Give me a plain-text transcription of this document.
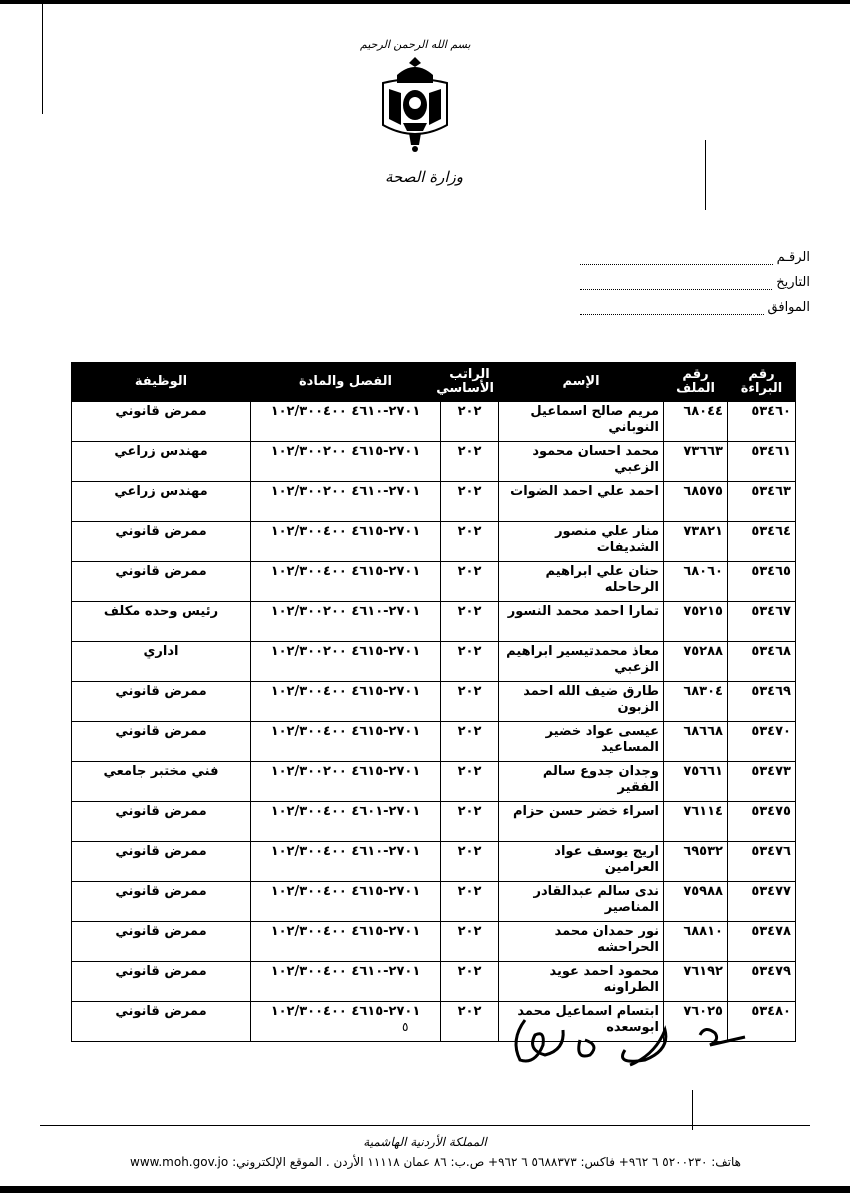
بسم الله الرحمن الرحيم
وزارة الصحة
الرقـم
التاريخ
الموافق
رقم البراءة	رقم الملف	الإسم	الراتب الأساسي	الفصل والمادة	الوظيفة
٥٣٤٦٠	٦٨٠٤٤	مريم صالح اسماعيل النوباني	٢٠٢	٢٧٠١-٤٦١٠ ١٠٢/٣٠٠٤٠٠	ممرض قانوني
٥٣٤٦١	٧٣٦٦٣	محمد احسان محمود الزعبي	٢٠٢	٢٧٠١-٤٦١٥ ١٠٢/٣٠٠٢٠٠	مهندس زراعي
٥٣٤٦٣	٦٨٥٧٥	احمد علي احمد الضوات	٢٠٢	٢٧٠١-٤٦١٠ ١٠٢/٣٠٠٢٠٠	مهندس زراعي
٥٣٤٦٤	٧٣٨٢١	منار علي منصور الشديفات	٢٠٢	٢٧٠١-٤٦١٥ ١٠٢/٣٠٠٤٠٠	ممرض قانوني
٥٣٤٦٥	٦٨٠٦٠	حنان علي ابراهيم الرحاحله	٢٠٢	٢٧٠١-٤٦١٥ ١٠٢/٣٠٠٤٠٠	ممرض قانوني
٥٣٤٦٧	٧٥٢١٥	تمارا احمد محمد النسور	٢٠٢	٢٧٠١-٤٦١٠ ١٠٢/٣٠٠٢٠٠	رئيس وحده مكلف
٥٣٤٦٨	٧٥٢٨٨	معاذ محمدتيسير ابراهيم الزعبي	٢٠٢	٢٧٠١-٤٦١٥ ١٠٢/٣٠٠٢٠٠	اداري
٥٣٤٦٩	٦٨٣٠٤	طارق ضيف الله احمد الزبون	٢٠٢	٢٧٠١-٤٦١٥ ١٠٢/٣٠٠٤٠٠	ممرض قانوني
٥٣٤٧٠	٦٨٦٦٨	عيسى عواد خضير المساعيد	٢٠٢	٢٧٠١-٤٦١٥ ١٠٢/٣٠٠٤٠٠	ممرض قانوني
٥٣٤٧٣	٧٥٦٦١	وجدان جدوع سالم الفقير	٢٠٢	٢٧٠١-٤٦١٥ ١٠٢/٣٠٠٢٠٠	فني مختبر جامعي
٥٣٤٧٥	٧٦١١٤	اسراء خضر حسن حزام	٢٠٢	٢٧٠١-٤٦٠١ ١٠٢/٣٠٠٤٠٠	ممرض قانوني
٥٣٤٧٦	٦٩٥٣٢	اريج يوسف عواد العرامين	٢٠٢	٢٧٠١-٤٦١٠ ١٠٢/٣٠٠٤٠٠	ممرض قانوني
٥٣٤٧٧	٧٥٩٨٨	ندى سالم عبدالقادر المناصير	٢٠٢	٢٧٠١-٤٦١٥ ١٠٢/٣٠٠٤٠٠	ممرض قانوني
٥٣٤٧٨	٦٨٨١٠	نور حمدان محمد الحراحشه	٢٠٢	٢٧٠١-٤٦١٥ ١٠٢/٣٠٠٤٠٠	ممرض قانوني
٥٣٤٧٩	٧٦١٩٢	محمود احمد عويد الطراونه	٢٠٢	٢٧٠١-٤٦١٠ ١٠٢/٣٠٠٤٠٠	ممرض قانوني
٥٣٤٨٠	٧٦٠٢٥	ابتسام اسماعيل محمد ابوسعده	٢٠٢	٢٧٠١-٤٦١٥ ١٠٢/٣٠٠٤٠٠	ممرض قانوني
٥
المملكة الأردنية الهاشمية
هاتف: ٥٢٠٠٢٣٠ ٦ ٩٦٢+ فاكس: ٥٦٨٨٣٧٣ ٦ ٩٦٢+ ص.ب: ٨٦ عمان ١١١١٨ الأردن . الموقع الإلكتروني: www.moh.gov.jo
